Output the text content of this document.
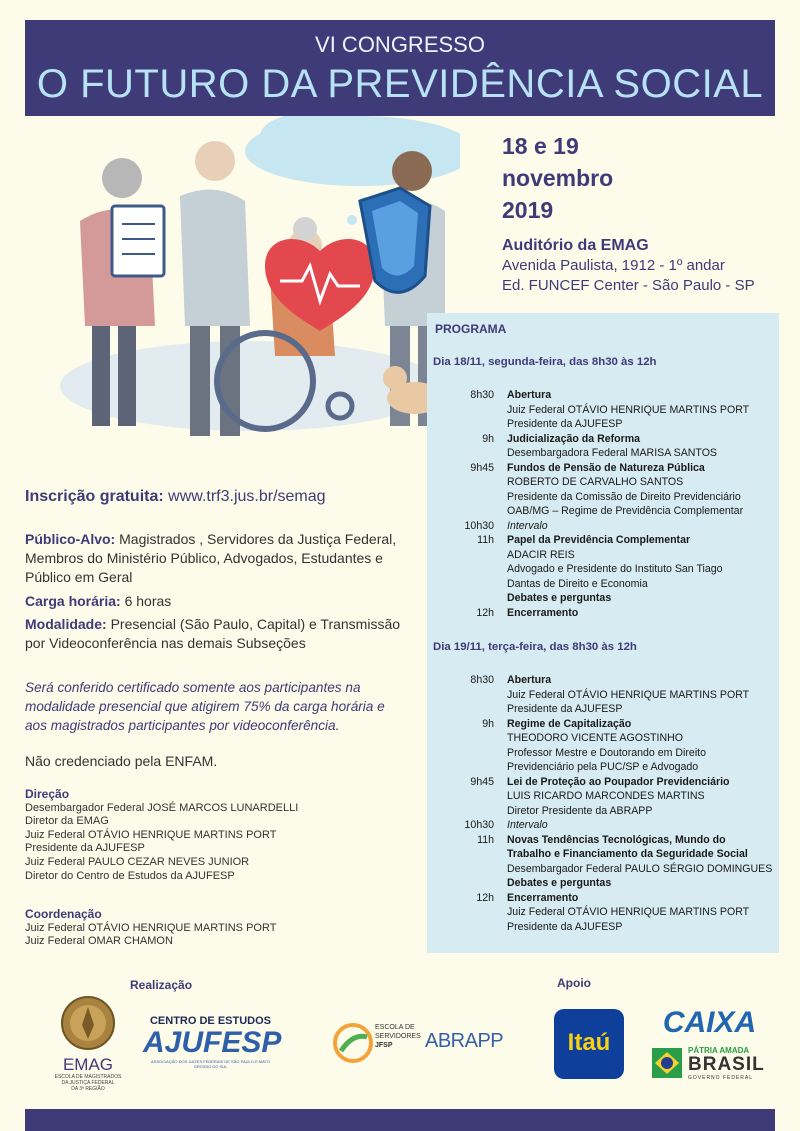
VI CONGRESSO
O FUTURO DA PREVIDÊNCIA SOCIAL
18 e 19
novembro
2019
Auditório da EMAG
Avenida Paulista, 1912 - 1º andar
Ed. FUNCEF Center - São Paulo - SP
PROGRAMA
Dia 18/11, segunda-feira, das 8h30 às 12h
8h30 Abertura
Juiz Federal OTÁVIO HENRIQUE MARTINS PORT
Presidente da AJUFESP
9h Judicialização da Reforma
Desembargadora Federal MARISA SANTOS
9h45 Fundos de Pensão de Natureza Pública
ROBERTO DE CARVALHO SANTOS
Presidente da Comissão de Direito Previdenciário
OAB/MG – Regime de Previdência Complementar
10h30 Intervalo
11h Papel da Previdência Complementar
ADACIR REIS
Advogado e Presidente do Instituto San Tiago
Dantas de Direito e Economia
Debates e perguntas
12h Encerramento
Dia 19/11, terça-feira, das 8h30 às 12h
8h30 Abertura
Juiz Federal OTÁVIO HENRIQUE MARTINS PORT
Presidente da AJUFESP
9h Regime de Capitalização
THEODORO VICENTE AGOSTINHO
Professor Mestre e Doutorando em Direito
Previdenciário pela PUC/SP e Advogado
9h45 Lei de Proteção ao Poupador Previdenciário
LUIS RICARDO MARCONDES MARTINS
Diretor Presidente da ABRAPP
10h30 Intervalo
11h Novas Tendências Tecnológicas, Mundo do
Trabalho e Financiamento da Seguridade Social
Desembargador Federal PAULO SÉRGIO DOMINGUES
Debates e perguntas
12h Encerramento
Juiz Federal OTÁVIO HENRIQUE MARTINS PORT
Presidente da AJUFESP
Inscrição gratuita: www.trf3.jus.br/semag
Público-Alvo: Magistrados , Servidores da Justiça Federal,
Membros do Ministério Público, Advogados, Estudantes e
Público em Geral
Carga horária: 6 horas
Modalidade: Presencial (São Paulo, Capital) e Transmissão
por Videoconferência nas demais Subseções
Será conferido certificado somente aos participantes na
modalidade presencial que atigirem 75% da carga horária e
aos magistrados participantes por videoconferência.
Não credenciado pela ENFAM.
Direção
Desembargador Federal JOSÉ MARCOS LUNARDELLI
Diretor da EMAG
Juiz Federal OTÁVIO HENRIQUE MARTINS PORT
Presidente da AJUFESP
Juiz Federal PAULO CEZAR NEVES JUNIOR
Diretor do Centro de Estudos da AJUFESP
Coordenação
Juiz Federal OTÁVIO HENRIQUE MARTINS PORT
Juiz Federal OMAR CHAMON
Realização	Apoio
EMAG
ESCOLA DE MAGISTRADOS
DA JUSTIÇA FEDERAL
DA 3ª REGIÃO
CENTRO DE ESTUDOS
AJUFESP
ASSOCIAÇÃO DOS JUÍZES FEDERAIS DE SÃO PAULO E MATO GROSSO DO SUL
ESCOLA DE
SERVIDORES
JFSP	ABRAPP	Itaú
CAIXA
PÁTRIA AMADA
BRASIL
GOVERNO FEDERAL
